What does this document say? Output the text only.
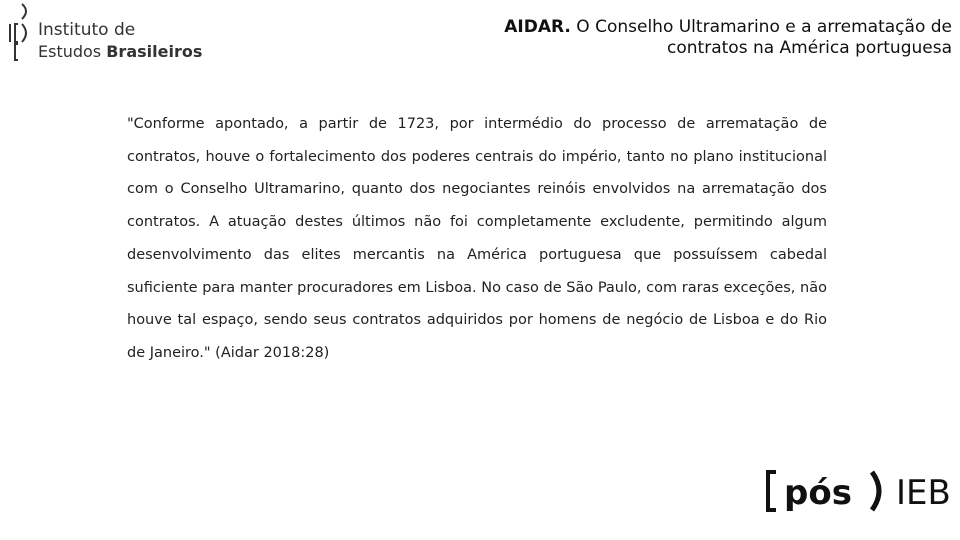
Instituto de
Estudos Brasileiros
AIDAR. O Conselho Ultramarino e a arrematação de
contratos na América portuguesa
"Conforme apontado, a partir de 1723, por intermédio do processo de arrematação de contratos, houve o fortalecimento dos poderes centrais do império, tanto no plano institucional com o Conselho Ultramarino, quanto dos negociantes reinóis envolvidos na arrematação dos contratos. A atuação destes últimos não foi completamente excludente, permitindo algum desenvolvimento das elites mercantis na América portuguesa que possuíssem cabedal suficiente para manter procuradores em Lisboa. No caso de São Paulo, com raras exceções, não houve tal espaço, sendo seus contratos adquiridos por homens de negócio de Lisboa e do Rio de Janeiro." (Aidar 2018:28)
pós IEB
